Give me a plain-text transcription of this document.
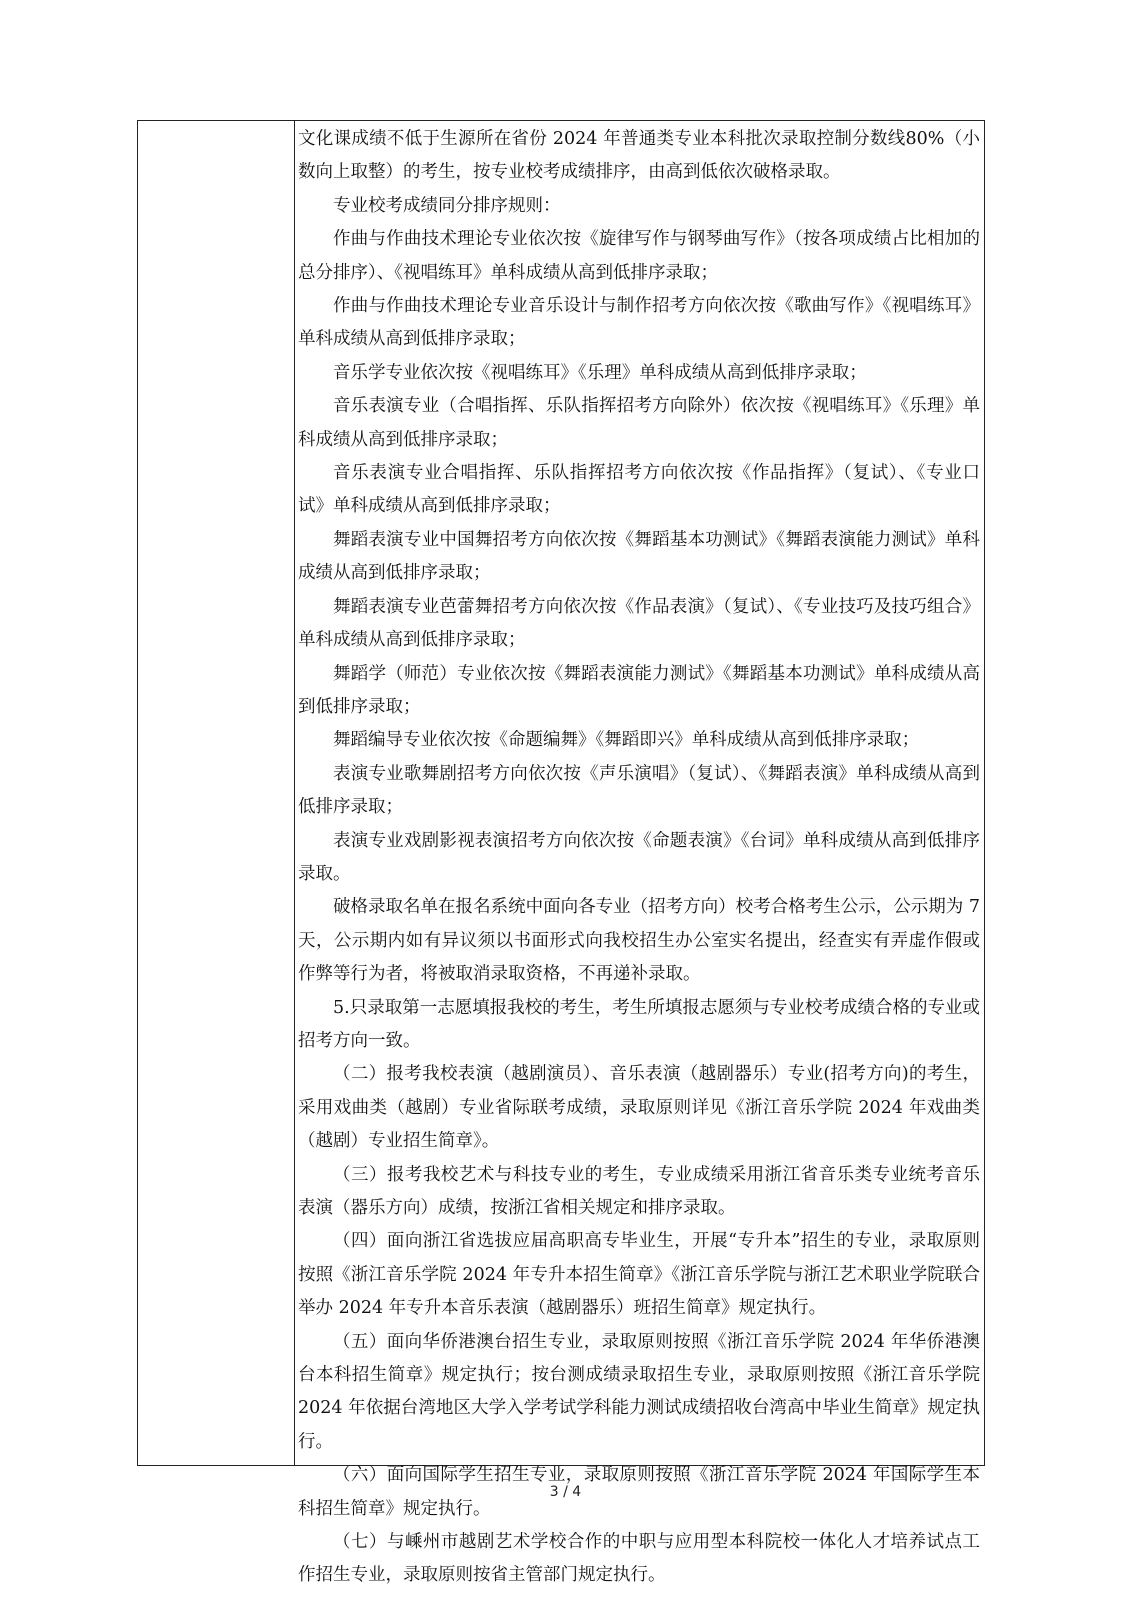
文化课成绩不低于生源所在省份 2024 年普通类专业本科批次录取控制分数线80%（小数向上取整）的考生，按专业校考成绩排序，由高到低依次破格录取。

专业校考成绩同分排序规则：

作曲与作曲技术理论专业依次按《旋律写作与钢琴曲写作》（按各项成绩占比相加的总分排序）、《视唱练耳》单科成绩从高到低排序录取；

作曲与作曲技术理论专业音乐设计与制作招考方向依次按《歌曲写作》《视唱练耳》单科成绩从高到低排序录取；

音乐学专业依次按《视唱练耳》《乐理》单科成绩从高到低排序录取；

音乐表演专业（合唱指挥、乐队指挥招考方向除外）依次按《视唱练耳》《乐理》单科成绩从高到低排序录取；

音乐表演专业合唱指挥、乐队指挥招考方向依次按《作品指挥》（复试）、《专业口试》单科成绩从高到低排序录取；

舞蹈表演专业中国舞招考方向依次按《舞蹈基本功测试》《舞蹈表演能力测试》单科成绩从高到低排序录取；

舞蹈表演专业芭蕾舞招考方向依次按《作品表演》（复试）、《专业技巧及技巧组合》单科成绩从高到低排序录取；

舞蹈学（师范）专业依次按《舞蹈表演能力测试》《舞蹈基本功测试》单科成绩从高到低排序录取；

舞蹈编导专业依次按《命题编舞》《舞蹈即兴》单科成绩从高到低排序录取；

表演专业歌舞剧招考方向依次按《声乐演唱》（复试）、《舞蹈表演》单科成绩从高到低排序录取；

表演专业戏剧影视表演招考方向依次按《命题表演》《台词》单科成绩从高到低排序录取。

破格录取名单在报名系统中面向各专业（招考方向）校考合格考生公示，公示期为 7 天，公示期内如有异议须以书面形式向我校招生办公室实名提出，经查实有弄虚作假或作弊等行为者，将被取消录取资格，不再递补录取。

5.只录取第一志愿填报我校的考生，考生所填报志愿须与专业校考成绩合格的专业或招考方向一致。

（二）报考我校表演（越剧演员）、音乐表演（越剧器乐）专业(招考方向)的考生，采用戏曲类（越剧）专业省际联考成绩，录取原则详见《浙江音乐学院 2024 年戏曲类（越剧）专业招生简章》。

（三）报考我校艺术与科技专业的考生，专业成绩采用浙江省音乐类专业统考音乐表演（器乐方向）成绩，按浙江省相关规定和排序录取。

（四）面向浙江省选拔应届高职高专毕业生，开展“专升本”招生的专业，录取原则按照《浙江音乐学院 2024 年专升本招生简章》《浙江音乐学院与浙江艺术职业学院联合举办 2024 年专升本音乐表演（越剧器乐）班招生简章》规定执行。

（五）面向华侨港澳台招生专业，录取原则按照《浙江音乐学院 2024 年华侨港澳台本科招生简章》规定执行；按台测成绩录取招生专业，录取原则按照《浙江音乐学院 2024 年依据台湾地区大学入学考试学科能力测试成绩招收台湾高中毕业生简章》规定执行。

（六）面向国际学生招生专业，录取原则按照《浙江音乐学院 2024 年国际学生本科招生简章》规定执行。

（七）与嵊州市越剧艺术学校合作的中职与应用型本科院校一体化人才培养试点工作招生专业，录取原则按省主管部门规定执行。

3 / 4
